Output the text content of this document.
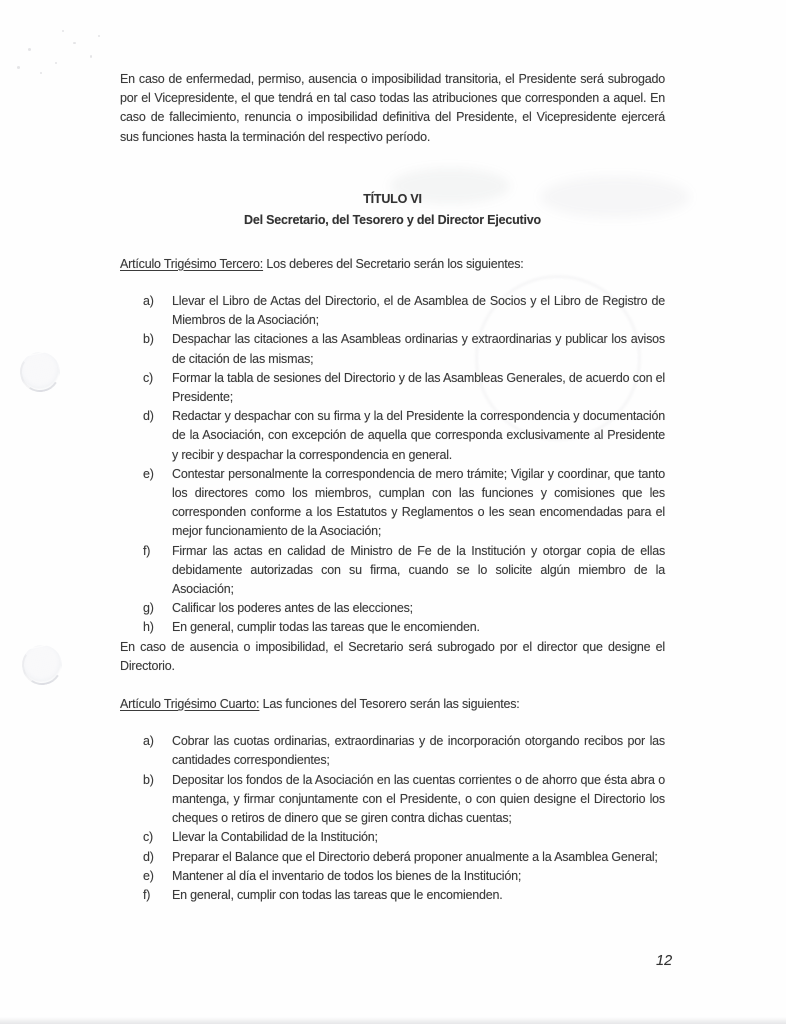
En caso de enfermedad, permiso, ausencia o imposibilidad transitoria, el Presidente será subrogado por el Vicepresidente, el que tendrá en tal caso todas las atribuciones que corresponden a aquel. En caso de fallecimiento, renuncia o imposibilidad definitiva del Presidente, el Vicepresidente ejercerá sus funciones hasta la terminación del respectivo período.

TÍTULO VI
Del Secretario, del Tesorero y del Director Ejecutivo

Artículo Trigésimo Tercero: Los deberes del Secretario serán los siguientes:

a)	Llevar el Libro de Actas del Directorio, el de Asamblea de Socios y el Libro de Registro de Miembros de la Asociación;
b)	Despachar las citaciones a las Asambleas ordinarias y extraordinarias y publicar los avisos de citación de las mismas;
c)	Formar la tabla de sesiones del Directorio y de las Asambleas Generales, de acuerdo con el Presidente;
d)	Redactar y despachar con su firma y la del Presidente la correspondencia y documentación de la Asociación, con excepción de aquella que corresponda exclusivamente al Presidente y recibir y despachar la correspondencia en general.
e)	Contestar personalmente la correspondencia de mero trámite; Vigilar y coordinar, que tanto los directores como los miembros, cumplan con las funciones y comisiones que les corresponden conforme a los Estatutos y Reglamentos o les sean encomendadas para el mejor funcionamiento de la Asociación;
f)	Firmar las actas en calidad de Ministro de Fe de la Institución y otorgar copia de ellas debidamente autorizadas con su firma, cuando se lo solicite algún miembro de la Asociación;
g)	Calificar los poderes antes de las elecciones;
h)	En general, cumplir todas las tareas que le encomienden.

En caso de ausencia o imposibilidad, el Secretario será subrogado por el director que designe el Directorio.

Artículo Trigésimo Cuarto: Las funciones del Tesorero serán las siguientes:

a)	Cobrar las cuotas ordinarias, extraordinarias y de incorporación otorgando recibos por las cantidades correspondientes;
b)	Depositar los fondos de la Asociación en las cuentas corrientes o de ahorro que ésta abra o mantenga, y firmar conjuntamente con el Presidente, o con quien designe el Directorio los cheques o retiros de dinero que se giren contra dichas cuentas;
c)	Llevar la Contabilidad de la Institución;
d)	Preparar el Balance que el Directorio deberá proponer anualmente a la Asamblea General;
e)	Mantener al día el inventario de todos los bienes de la Institución;
f)	En general, cumplir con todas las tareas que le encomienden.
12
